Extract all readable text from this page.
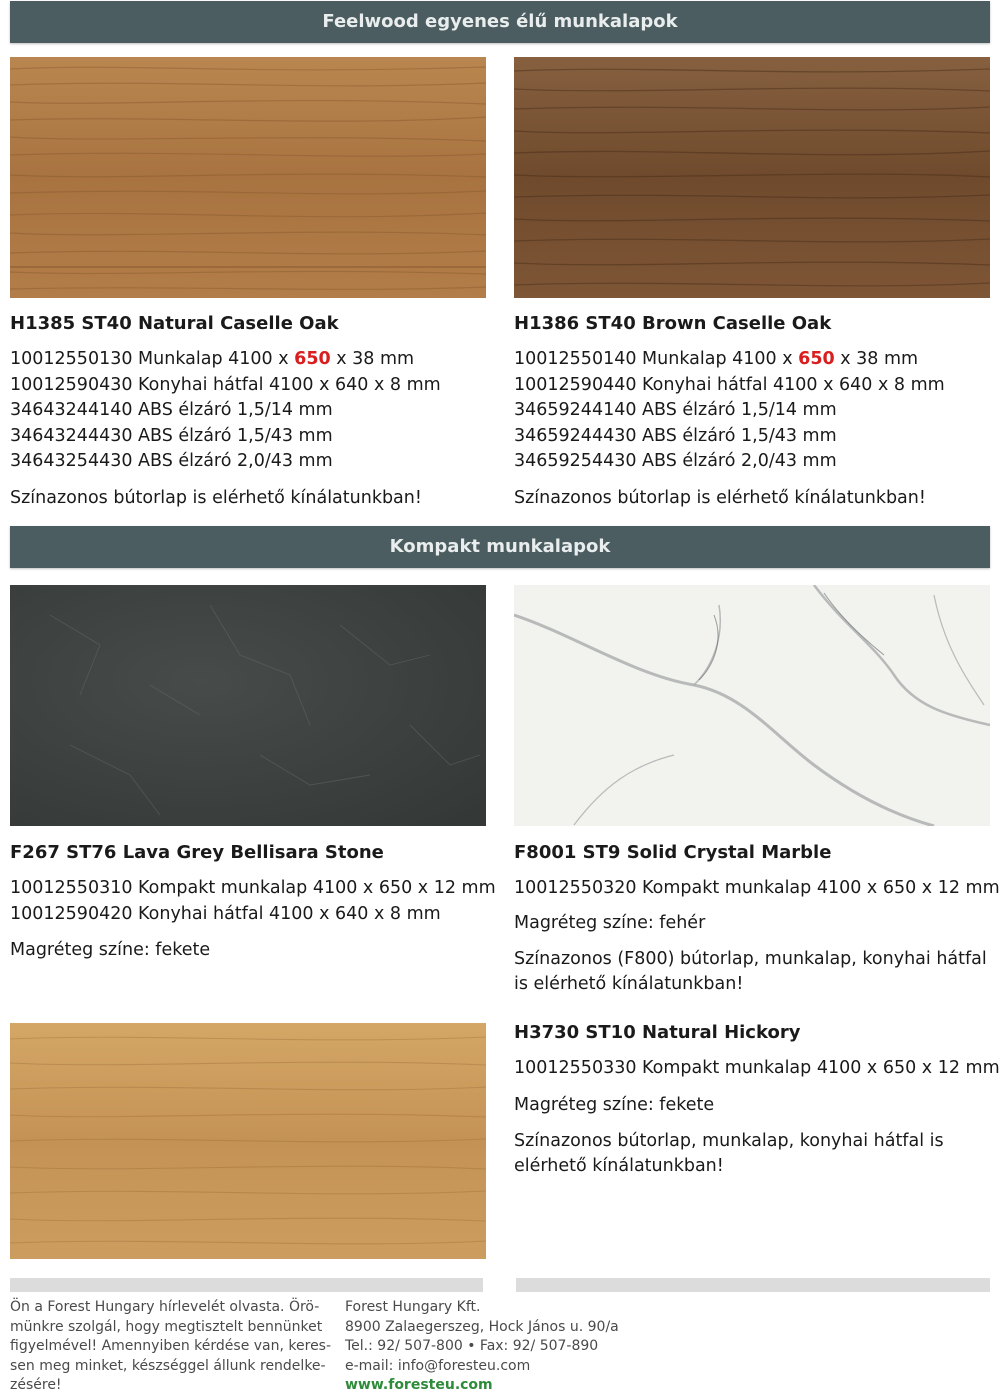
Feelwood egyenes élű munkalapok
H1385 ST40 Natural Caselle Oak
10012550130 Munkalap 4100 x 650 x 38 mm
10012590430 Konyhai hátfal 4100 x 640 x 8 mm
34643244140 ABS élzáró 1,5/14 mm
34643244430 ABS élzáró 1,5/43 mm
34643254430 ABS élzáró 2,0/43 mm
Színazonos bútorlap is elérhető kínálatunkban!
H1386 ST40 Brown Caselle Oak
10012550140 Munkalap 4100 x 650 x 38 mm
10012590440 Konyhai hátfal 4100 x 640 x 8 mm
34659244140 ABS élzáró 1,5/14 mm
34659244430 ABS élzáró 1,5/43 mm
34659254430 ABS élzáró 2,0/43 mm
Színazonos bútorlap is elérhető kínálatunkban!
Kompakt munkalapok
F267 ST76 Lava Grey Bellisara Stone
10012550310 Kompakt munkalap 4100 x 650 x 12 mm
10012590420 Konyhai hátfal 4100 x 640 x 8 mm
Magréteg színe: fekete
F8001 ST9 Solid Crystal Marble
10012550320 Kompakt munkalap 4100 x 650 x 12 mm
Magréteg színe: fehér
Színazonos (F800) bútorlap, munkalap, konyhai hátfal is elérhető kínálatunkban!
H3730 ST10 Natural Hickory
10012550330 Kompakt munkalap 4100 x 650 x 12 mm
Magréteg színe: fekete
Színazonos bútorlap, munkalap, konyhai hátfal is elérhető kínálatunkban!
Ön a Forest Hungary hírlevelét olvasta. Örö-
münkre szolgál, hogy megtisztelt bennünket
figyelmével! Amennyiben kérdése van, keres-
sen meg minket, készséggel állunk rendelke-
zésére!
Forest Hungary Kft.
8900 Zalaegerszeg, Hock János u. 90/a
Tel.: 92/ 507-800 • Fax: 92/ 507-890
e-mail: info@foresteu.com
www.foresteu.com
